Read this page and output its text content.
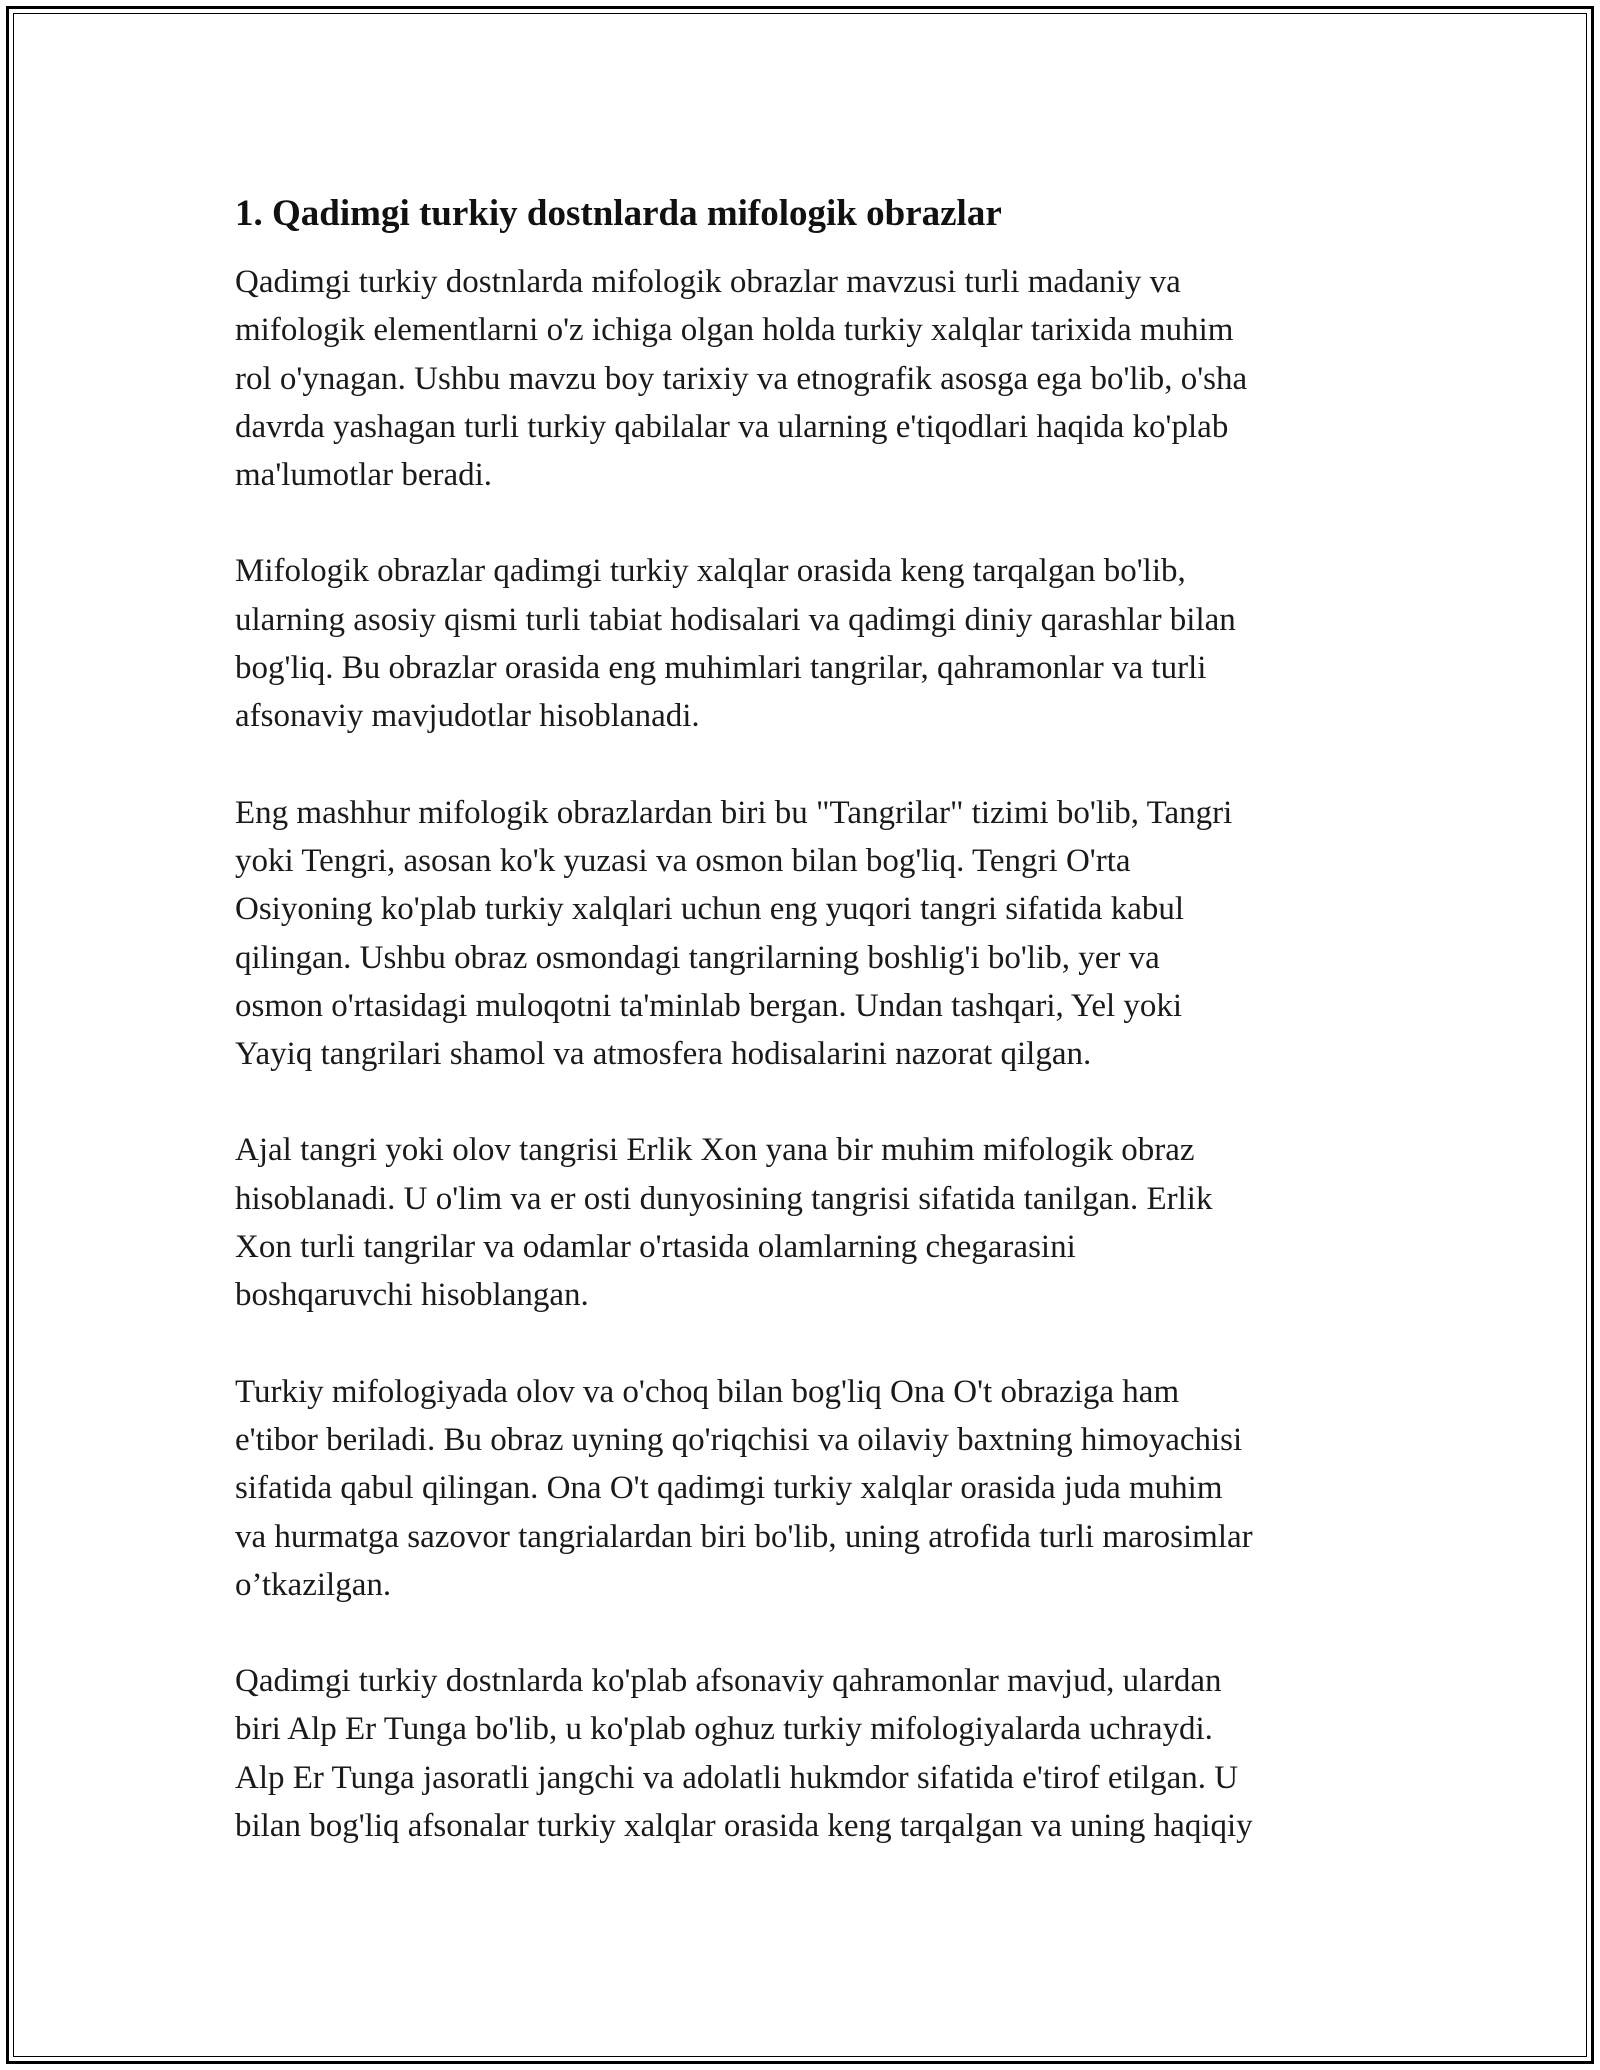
1. Qadimgi turkiy dostnlarda mifologik obrazlar

Qadimgi turkiy dostnlarda mifologik obrazlar mavzusi turli madaniy va
mifologik elementlarni o'z ichiga olgan holda turkiy xalqlar tarixida muhim
rol o'ynagan. Ushbu mavzu boy tarixiy va etnografik asosga ega bo'lib, o'sha
davrda yashagan turli turkiy qabilalar va ularning e'tiqodlari haqida ko'plab
ma'lumotlar beradi.

Mifologik obrazlar qadimgi turkiy xalqlar orasida keng tarqalgan bo'lib,
ularning asosiy qismi turli tabiat hodisalari va qadimgi diniy qarashlar bilan
bog'liq. Bu obrazlar orasida eng muhimlari tangrilar, qahramonlar va turli
afsonaviy mavjudotlar hisoblanadi.

Eng mashhur mifologik obrazlardan biri bu "Tangrilar" tizimi bo'lib, Tangri
yoki Tengri, asosan ko'k yuzasi va osmon bilan bog'liq. Tengri O'rta
Osiyoning ko'plab turkiy xalqlari uchun eng yuqori tangri sifatida kabul
qilingan. Ushbu obraz osmondagi tangrilarning boshlig'i bo'lib, yer va
osmon o'rtasidagi muloqotni ta'minlab bergan. Undan tashqari, Yel yoki
Yayiq tangrilari shamol va atmosfera hodisalarini nazorat qilgan.

Ajal tangri yoki olov tangrisi Erlik Xon yana bir muhim mifologik obraz
hisoblanadi. U o'lim va er osti dunyosining tangrisi sifatida tanilgan. Erlik
Xon turli tangrilar va odamlar o'rtasida olamlarning chegarasini
boshqaruvchi hisoblangan.

Turkiy mifologiyada olov va o'choq bilan bog'liq Ona O't obraziga ham
e'tibor beriladi. Bu obraz uyning qo'riqchisi va oilaviy baxtning himoyachisi
sifatida qabul qilingan. Ona O't qadimgi turkiy xalqlar orasida juda muhim
va hurmatga sazovor tangrialardan biri bo'lib, uning atrofida turli marosimlar
o’tkazilgan.

Qadimgi turkiy dostnlarda ko'plab afsonaviy qahramonlar mavjud, ulardan
biri Alp Er Tunga bo'lib, u ko'plab oghuz turkiy mifologiyalarda uchraydi.
Alp Er Tunga jasoratli jangchi va adolatli hukmdor sifatida e'tirof etilgan. U
bilan bog'liq afsonalar turkiy xalqlar orasida keng tarqalgan va uning haqiqiy
